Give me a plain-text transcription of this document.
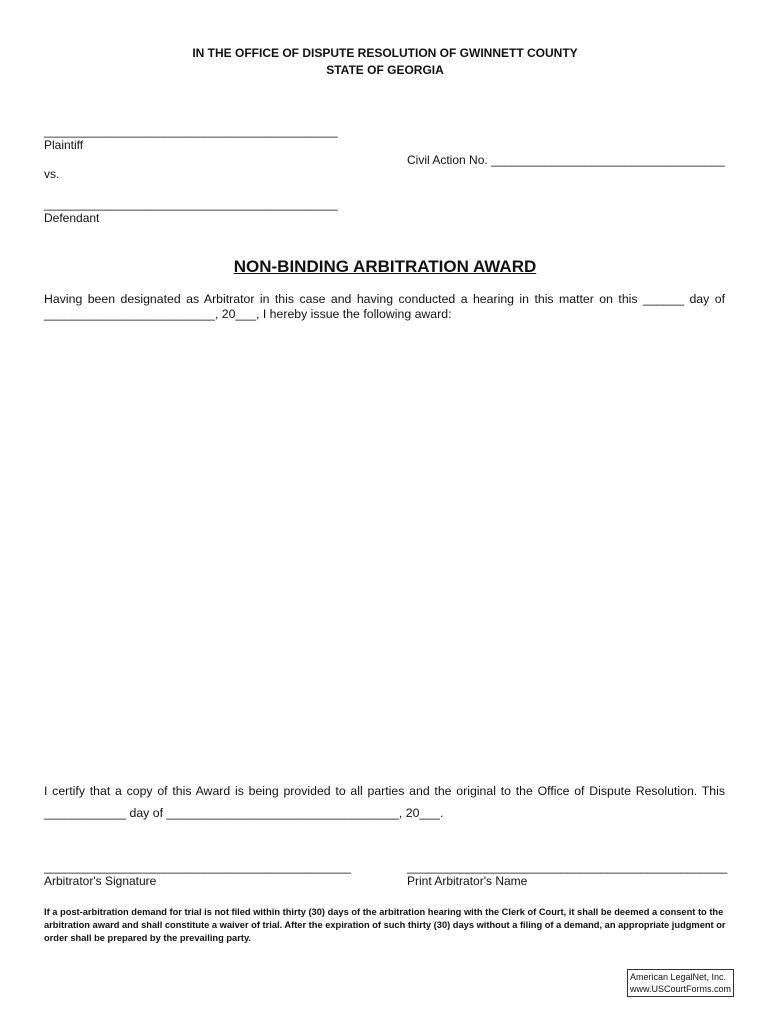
IN THE OFFICE OF DISPUTE RESOLUTION OF GWINNETT COUNTY
STATE OF GEORGIA
____________________________________________
Plaintiff
Civil Action No. ___________________________________
vs.
____________________________________________
Defendant
NON-BINDING ARBITRATION AWARD
Having been designated as Arbitrator in this case and having conducted a hearing in this matter on this ______ day of
_________________________, 20___, I hereby issue the following award:
I certify that a copy of this Award is being provided to all parties and the original to the Office of Dispute Resolution. This
____________ day of __________________________________, 20___.
______________________________________________
Arbitrator's Signature
________________________________________________
Print Arbitrator's Name
If a post-arbitration demand for trial is not filed within thirty (30) days of the arbitration hearing with the Clerk of Court, it shall be deemed a consent to the arbitration award and shall constitute a waiver of trial. After the expiration of such thirty (30) days without a filing of a demand, an appropriate judgment or order shall be prepared by the prevailing party.
American LegalNet, Inc.
www.USCourtForms.com
